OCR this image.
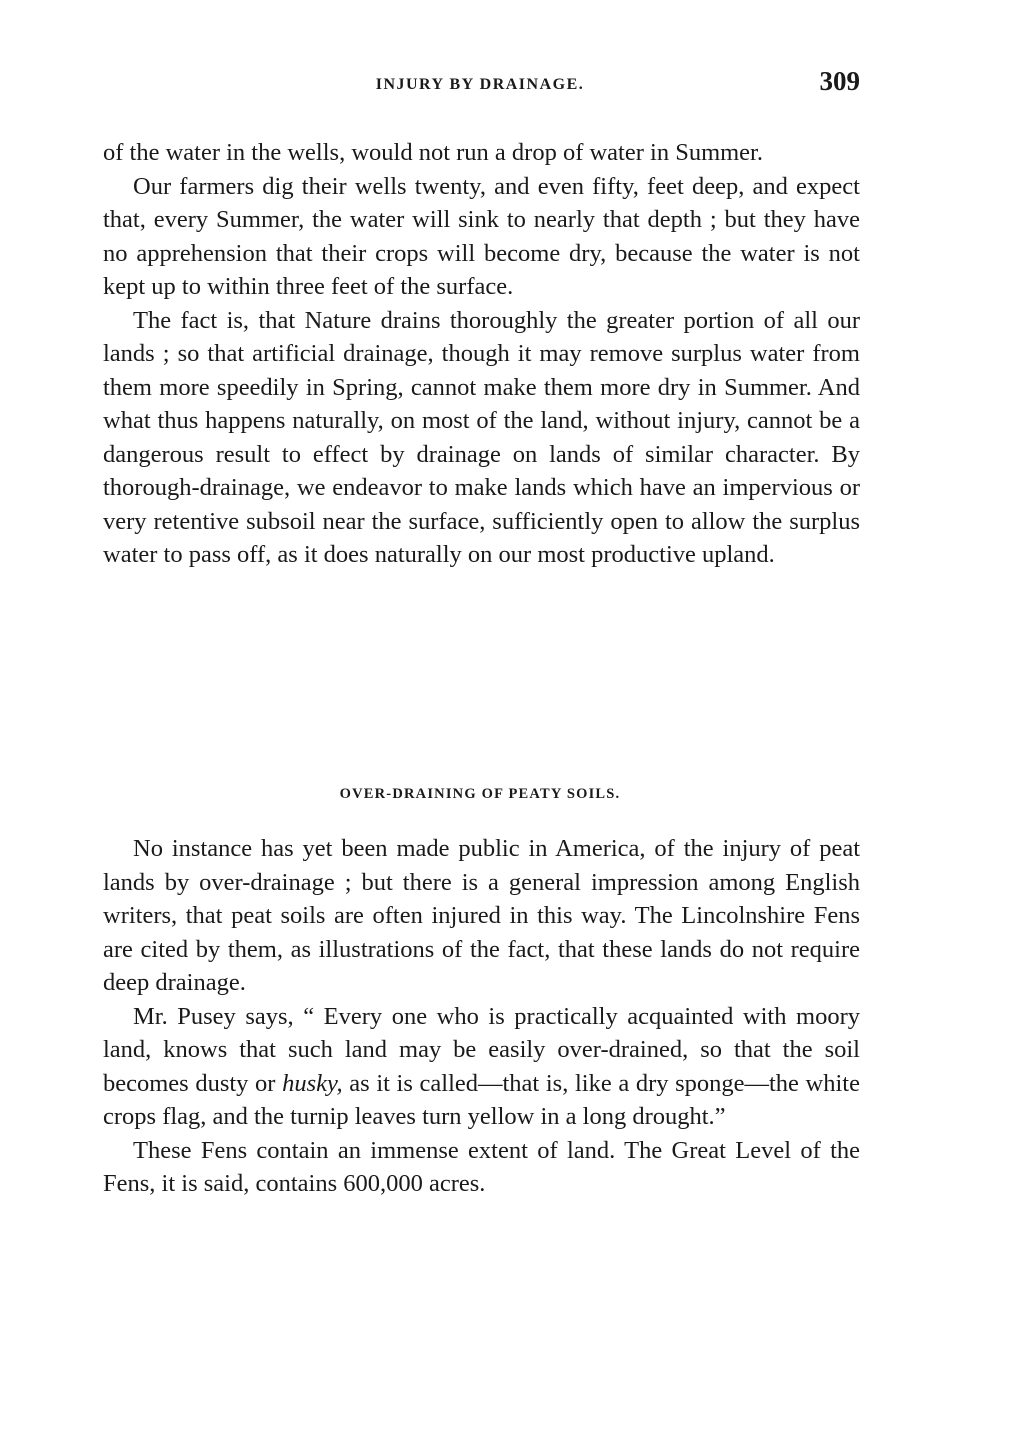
INJURY BY DRAINAGE.	309

of the water in the wells, would not run a drop of water in Summer.

Our farmers dig their wells twenty, and even fifty, feet deep, and expect that, every Summer, the water will sink to nearly that depth ; but they have no apprehension that their crops will become dry, because the water is not kept up to within three feet of the surface.

The fact is, that Nature drains thoroughly the greater portion of all our lands ; so that artificial drainage, though it may remove surplus water from them more speedily in Spring, cannot make them more dry in Summer. And what thus happens naturally, on most of the land, without injury, cannot be a dangerous result to effect by drainage on lands of similar character. By thorough-drainage, we endeavor to make lands which have an impervious or very retentive subsoil near the surface, sufficiently open to allow the surplus water to pass off, as it does naturally on our most productive upland.

OVER-DRAINING OF PEATY SOILS.

No instance has yet been made public in America, of the injury of peat lands by over-drainage ; but there is a general impression among English writers, that peat soils are often injured in this way. The Lincolnshire Fens are cited by them, as illustrations of the fact, that these lands do not require deep drainage.

Mr. Pusey says, “ Every one who is practically acquainted with moory land, knows that such land may be easily over-drained, so that the soil becomes dusty or husky, as it is called—that is, like a dry sponge—the white crops flag, and the turnip leaves turn yellow in a long drought.”

These Fens contain an immense extent of land. The Great Level of the Fens, it is said, contains 600,000 acres.
